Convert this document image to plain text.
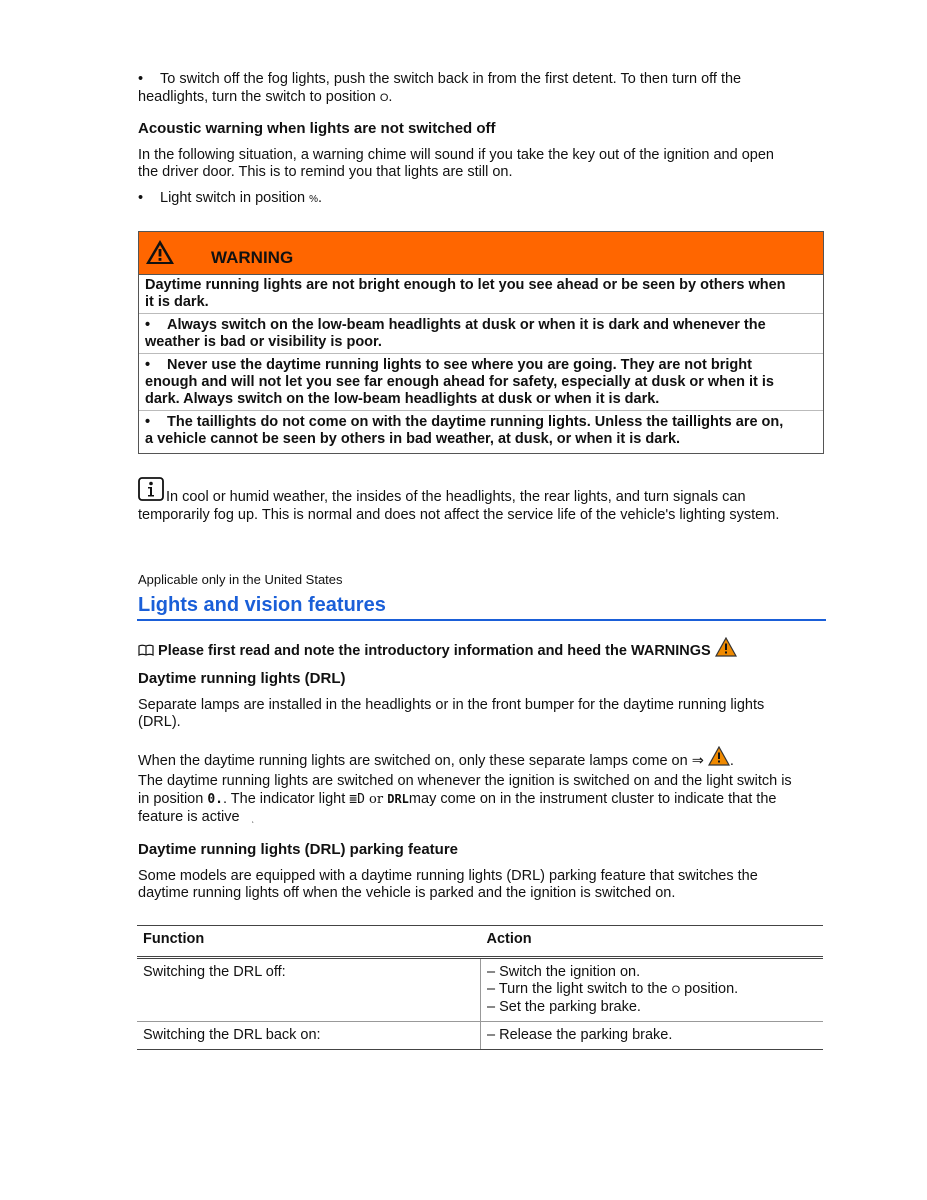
• To switch off the fog lights, push the switch back in from the first detent. To then turn off the

headlights, turn the switch to position O.

Acoustic warning when lights are not switched off

In the following situation, a warning chime will sound if you take the key out of the ignition and open

the driver door. This is to remind you that lights are still on.

• Light switch in position %.

WARNING

Daytime running lights are not bright enough to let you see ahead or be seen by others when

it is dark.

• Always switch on the low-beam headlights at dusk or when it is dark and whenever the

weather is bad or visibility is poor.

• Never use the daytime running lights to see where you are going. They are not bright

enough and will not let you see far enough ahead for safety, especially at dusk or when it is

dark. Always switch on the low-beam headlights at dusk or when it is dark.

• The taillights do not come on with the daytime running lights. Unless the taillights are on,

a vehicle cannot be seen by others in bad weather, at dusk, or when it is dark.

In cool or humid weather, the insides of the headlights, the rear lights, and turn signals can

temporarily fog up. This is normal and does not affect the service life of the vehicle's lighting system.

Applicable only in the United States

Lights and vision features

Please first read and note the introductory information and heed the WARNINGS

Daytime running lights (DRL)

Separate lamps are installed in the headlights or in the front bumper for the daytime running lights

(DRL).

When the daytime running lights are switched on, only these separate lamps come on ⇒ .

The daytime running lights are switched on whenever the ignition is switched on and the light switch is

in position 0.. The indicator light ≣D or DRLmay come on in the instrument cluster to indicate that the

feature is active ˛

Daytime running lights (DRL) parking feature

Some models are equipped with a daytime running lights (DRL) parking feature that switches the

daytime running lights off when the vehicle is parked and the ignition is switched on.

Function	Action
Switching the DRL off:	– Switch the ignition on.
– Turn the light switch to the O position.
– Set the parking brake.

Switching the DRL back on:	– Release the parking brake.
